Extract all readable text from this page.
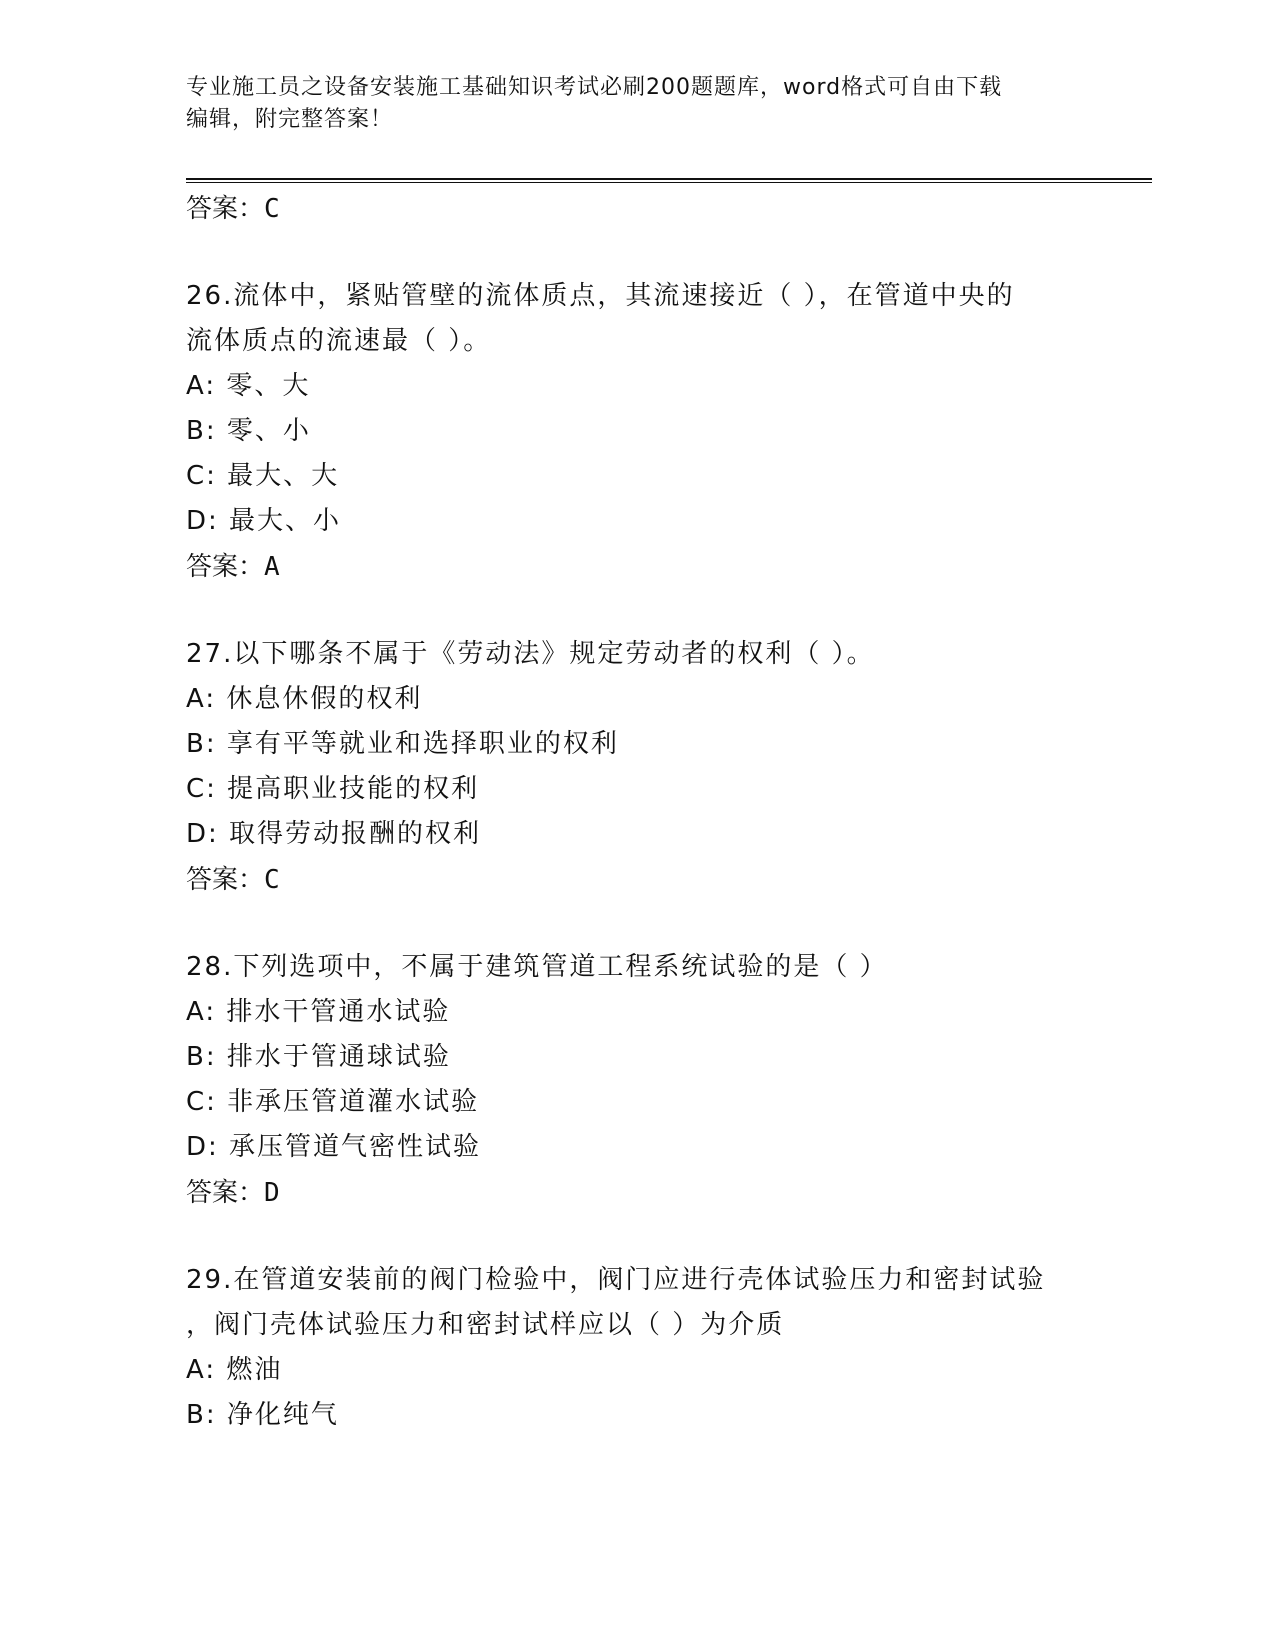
专业施工员之设备安装施工基础知识考试必刷200题题库，word格式可自由下载
编辑，附完整答案！
答案：C
26.流体中，紧贴管壁的流体质点，其流速接近（ ），在管道中央的
流体质点的流速最（ ）。
A: 零、大
B: 零、小
C: 最大、大
D: 最大、小
答案：A
27.以下哪条不属于《劳动法》规定劳动者的权利（ ）。
A: 休息休假的权利
B: 享有平等就业和选择职业的权利
C: 提高职业技能的权利
D: 取得劳动报酬的权利
答案：C
28.下列选项中，不属于建筑管道工程系统试验的是（ ）
A: 排水干管通水试验
B: 排水于管通球试验
C: 非承压管道灌水试验
D: 承压管道气密性试验
答案：D
29.在管道安装前的阀门检验中，阀门应进行壳体试验压力和密封试验
，阀门壳体试验压力和密封试样应以（ ）为介质
A: 燃油
B: 净化纯气
